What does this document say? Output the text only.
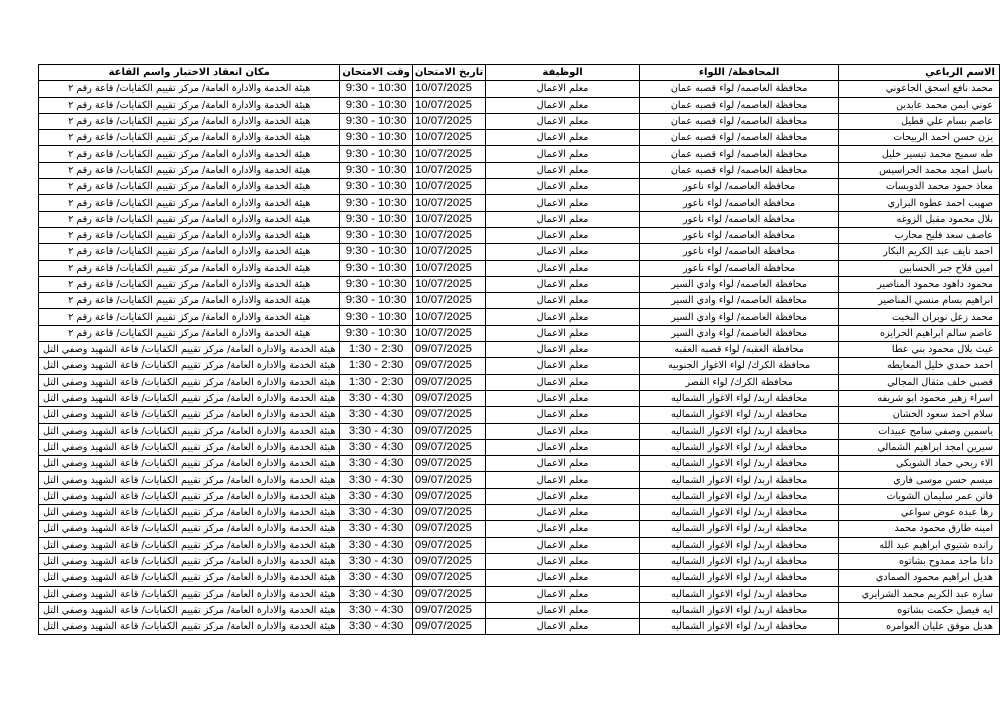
الاسم الرباعي	المحافظة/ اللواء	الوظيفة	تاريخ الامتحان	وقت الامتحان	مكان انعقاد الاختبار واسم القاعة
محمد نافع اسحق الجاعوني	محافظة العاصمه/ لواء قصبه عمان	معلم الاعمال	10/07/2025	9:30 - 10:30	هيئة الخدمة والادارة العامة/ مركز تقييم الكفايات/ قاعة رقم ٢
عوني ايمن محمد عابدين	محافظة العاصمه/ لواء قصبه عمان	معلم الاعمال	10/07/2025	9:30 - 10:30	هيئة الخدمة والادارة العامة/ مركز تقييم الكفايات/ قاعة رقم ٢
عاصم بسام علي قطيل	محافظة العاصمه/ لواء قصبه عمان	معلم الاعمال	10/07/2025	9:30 - 10:30	هيئة الخدمة والادارة العامة/ مركز تقييم الكفايات/ قاعة رقم ٢
يزن حسن احمد الربيحات	محافظة العاصمه/ لواء قصبه عمان	معلم الاعمال	10/07/2025	9:30 - 10:30	هيئة الخدمة والادارة العامة/ مركز تقييم الكفايات/ قاعة رقم ٢
طه سميح محمد تيسير خليل	محافظة العاصمه/ لواء قصبه عمان	معلم الاعمال	10/07/2025	9:30 - 10:30	هيئة الخدمة والادارة العامة/ مركز تقييم الكفايات/ قاعة رقم ٢
باسل امجد محمد الحراسيس	محافظة العاصمه/ لواء قصبه عمان	معلم الاعمال	10/07/2025	9:30 - 10:30	هيئة الخدمة والادارة العامة/ مركز تقييم الكفايات/ قاعة رقم ٢
معاذ حمود محمد الدويسات	محافظة العاصمه/ لواء ناعور	معلم الاعمال	10/07/2025	9:30 - 10:30	هيئة الخدمة والادارة العامة/ مركز تقييم الكفايات/ قاعة رقم ٢
صهيب احمد عطوه البراري	محافظة العاصمه/ لواء ناعور	معلم الاعمال	10/07/2025	9:30 - 10:30	هيئة الخدمة والادارة العامة/ مركز تقييم الكفايات/ قاعة رقم ٢
بلال محمود مقبل الزوغه	محافظة العاصمه/ لواء ناعور	معلم الاعمال	10/07/2025	9:30 - 10:30	هيئة الخدمة والادارة العامة/ مركز تقييم الكفايات/ قاعة رقم ٢
عاصف سعد فليح محارب	محافظة العاصمه/ لواء ناعور	معلم الاعمال	10/07/2025	9:30 - 10:30	هيئة الخدمة والادارة العامة/ مركز تقييم الكفايات/ قاعة رقم ٢
احمد نايف عبد الكريم البكار	محافظة العاصمه/ لواء ناعور	معلم الاعمال	10/07/2025	9:30 - 10:30	هيئة الخدمة والادارة العامة/ مركز تقييم الكفايات/ قاعة رقم ٢
امين فلاح جبر الحسابين	محافظة العاصمه/ لواء ناعور	معلم الاعمال	10/07/2025	9:30 - 10:30	هيئة الخدمة والادارة العامة/ مركز تقييم الكفايات/ قاعة رقم ٢
محمود داهود محمود المناصير	محافظة العاصمه/ لواء وادي السير	معلم الاعمال	10/07/2025	9:30 - 10:30	هيئة الخدمة والادارة العامة/ مركز تقييم الكفايات/ قاعة رقم ٢
ابراهيم بسام منسي المناصير	محافظة العاصمه/ لواء وادي السير	معلم الاعمال	10/07/2025	9:30 - 10:30	هيئة الخدمة والادارة العامة/ مركز تقييم الكفايات/ قاعة رقم ٢
محمد زعل نوبران البخيت	محافظة العاصمه/ لواء وادي السير	معلم الاعمال	10/07/2025	9:30 - 10:30	هيئة الخدمة والادارة العامة/ مركز تقييم الكفايات/ قاعة رقم ٢
عاصم سالم ابراهيم الحرايزه	محافظة العاصمه/ لواء وادي السير	معلم الاعمال	10/07/2025	9:30 - 10:30	هيئة الخدمة والادارة العامة/ مركز تقييم الكفايات/ قاعة رقم ٢
غيث بلال محمود بني عطا	محافظة العقبه/ لواء قصبه العقبه	معلم الاعمال	09/07/2025	1:30 - 2:30	هيئة الخدمة والادارة العامة/ مركز تقييم الكفايات/ قاعة الشهيد وصفي التل
احمد حمدي خليل المعايطه	محافظة الكرك/ لواء الاغوار الجنوبيه	معلم الاعمال	09/07/2025	1:30 - 2:30	هيئة الخدمة والادارة العامة/ مركز تقييم الكفايات/ قاعة الشهيد وصفي التل
قصبي خلف مثقال المجالي	محافظة الكرك/ لواء القصر	معلم الاعمال	09/07/2025	1:30 - 2:30	هيئة الخدمة والادارة العامة/ مركز تقييم الكفايات/ قاعة الشهيد وصفي التل
اسراء زهير محمود ابو شريفه	محافظة اربد/ لواء الاغوار الشماليه	معلم الاعمال	09/07/2025	3:30 - 4:30	هيئة الخدمة والادارة العامة/ مركز تقييم الكفايات/ قاعة الشهيد وصفي التل
سلام احمد سعود الخشان	محافظة اربد/ لواء الاغوار الشماليه	معلم الاعمال	09/07/2025	3:30 - 4:30	هيئة الخدمة والادارة العامة/ مركز تقييم الكفايات/ قاعة الشهيد وصفي التل
ياسمين وصفي سامح عبيدات	محافظة اربد/ لواء الاغوار الشماليه	معلم الاعمال	09/07/2025	3:30 - 4:30	هيئة الخدمة والادارة العامة/ مركز تقييم الكفايات/ قاعة الشهيد وصفي التل
سيرين امجد ابراهيم الشمالي	محافظة اربد/ لواء الاغوار الشماليه	معلم الاعمال	09/07/2025	3:30 - 4:30	هيئة الخدمة والادارة العامة/ مركز تقييم الكفايات/ قاعة الشهيد وصفي التل
الاء ربحي حماد الشويكي	محافظة اربد/ لواء الاغوار الشماليه	معلم الاعمال	09/07/2025	3:30 - 4:30	هيئة الخدمة والادارة العامة/ مركز تقييم الكفايات/ قاعة الشهيد وصفي التل
ميسم حسن موسى فاري	محافظة اربد/ لواء الاغوار الشماليه	معلم الاعمال	09/07/2025	3:30 - 4:30	هيئة الخدمة والادارة العامة/ مركز تقييم الكفايات/ قاعة الشهيد وصفي التل
فاتن عمر سليمان الشويات	محافظة اربد/ لواء الاغوار الشماليه	معلم الاعمال	09/07/2025	3:30 - 4:30	هيئة الخدمة والادارة العامة/ مركز تقييم الكفايات/ قاعة الشهيد وصفي التل
رها عبده عوض سواعي	محافظة اربد/ لواء الاغوار الشماليه	معلم الاعمال	09/07/2025	3:30 - 4:30	هيئة الخدمة والادارة العامة/ مركز تقييم الكفايات/ قاعة الشهيد وصفي التل
امينه طارق محمود محمد	محافظة اربد/ لواء الاغوار الشماليه	معلم الاعمال	09/07/2025	3:30 - 4:30	هيئة الخدمة والادارة العامة/ مركز تقييم الكفايات/ قاعة الشهيد وصفي التل
رانده شتيوي ابراهيم عبد الله	محافظة اربد/ لواء الاغوار الشماليه	معلم الاعمال	09/07/2025	3:30 - 4:30	هيئة الخدمة والادارة العامة/ مركز تقييم الكفايات/ قاعة الشهيد وصفي التل
دانا ماجد ممدوح بشاتوه	محافظة اربد/ لواء الاغوار الشماليه	معلم الاعمال	09/07/2025	3:30 - 4:30	هيئة الخدمة والادارة العامة/ مركز تقييم الكفايات/ قاعة الشهيد وصفي التل
هديل ابراهيم محمود الصمادي	محافظة اربد/ لواء الاغوار الشماليه	معلم الاعمال	09/07/2025	3:30 - 4:30	هيئة الخدمة والادارة العامة/ مركز تقييم الكفايات/ قاعة الشهيد وصفي التل
ساره عبد الكريم محمد الشرايري	محافظة اربد/ لواء الاغوار الشماليه	معلم الاعمال	09/07/2025	3:30 - 4:30	هيئة الخدمة والادارة العامة/ مركز تقييم الكفايات/ قاعة الشهيد وصفي التل
ايه فيصل حكمت بشاتوه	محافظة اربد/ لواء الاغوار الشماليه	معلم الاعمال	09/07/2025	3:30 - 4:30	هيئة الخدمة والادارة العامة/ مركز تقييم الكفايات/ قاعة الشهيد وصفي التل
هديل موفق عليان العوامره	محافظة اربد/ لواء الاغوار الشماليه	معلم الاعمال	09/07/2025	3:30 - 4:30	هيئة الخدمة والادارة العامة/ مركز تقييم الكفايات/ قاعة الشهيد وصفي التل
